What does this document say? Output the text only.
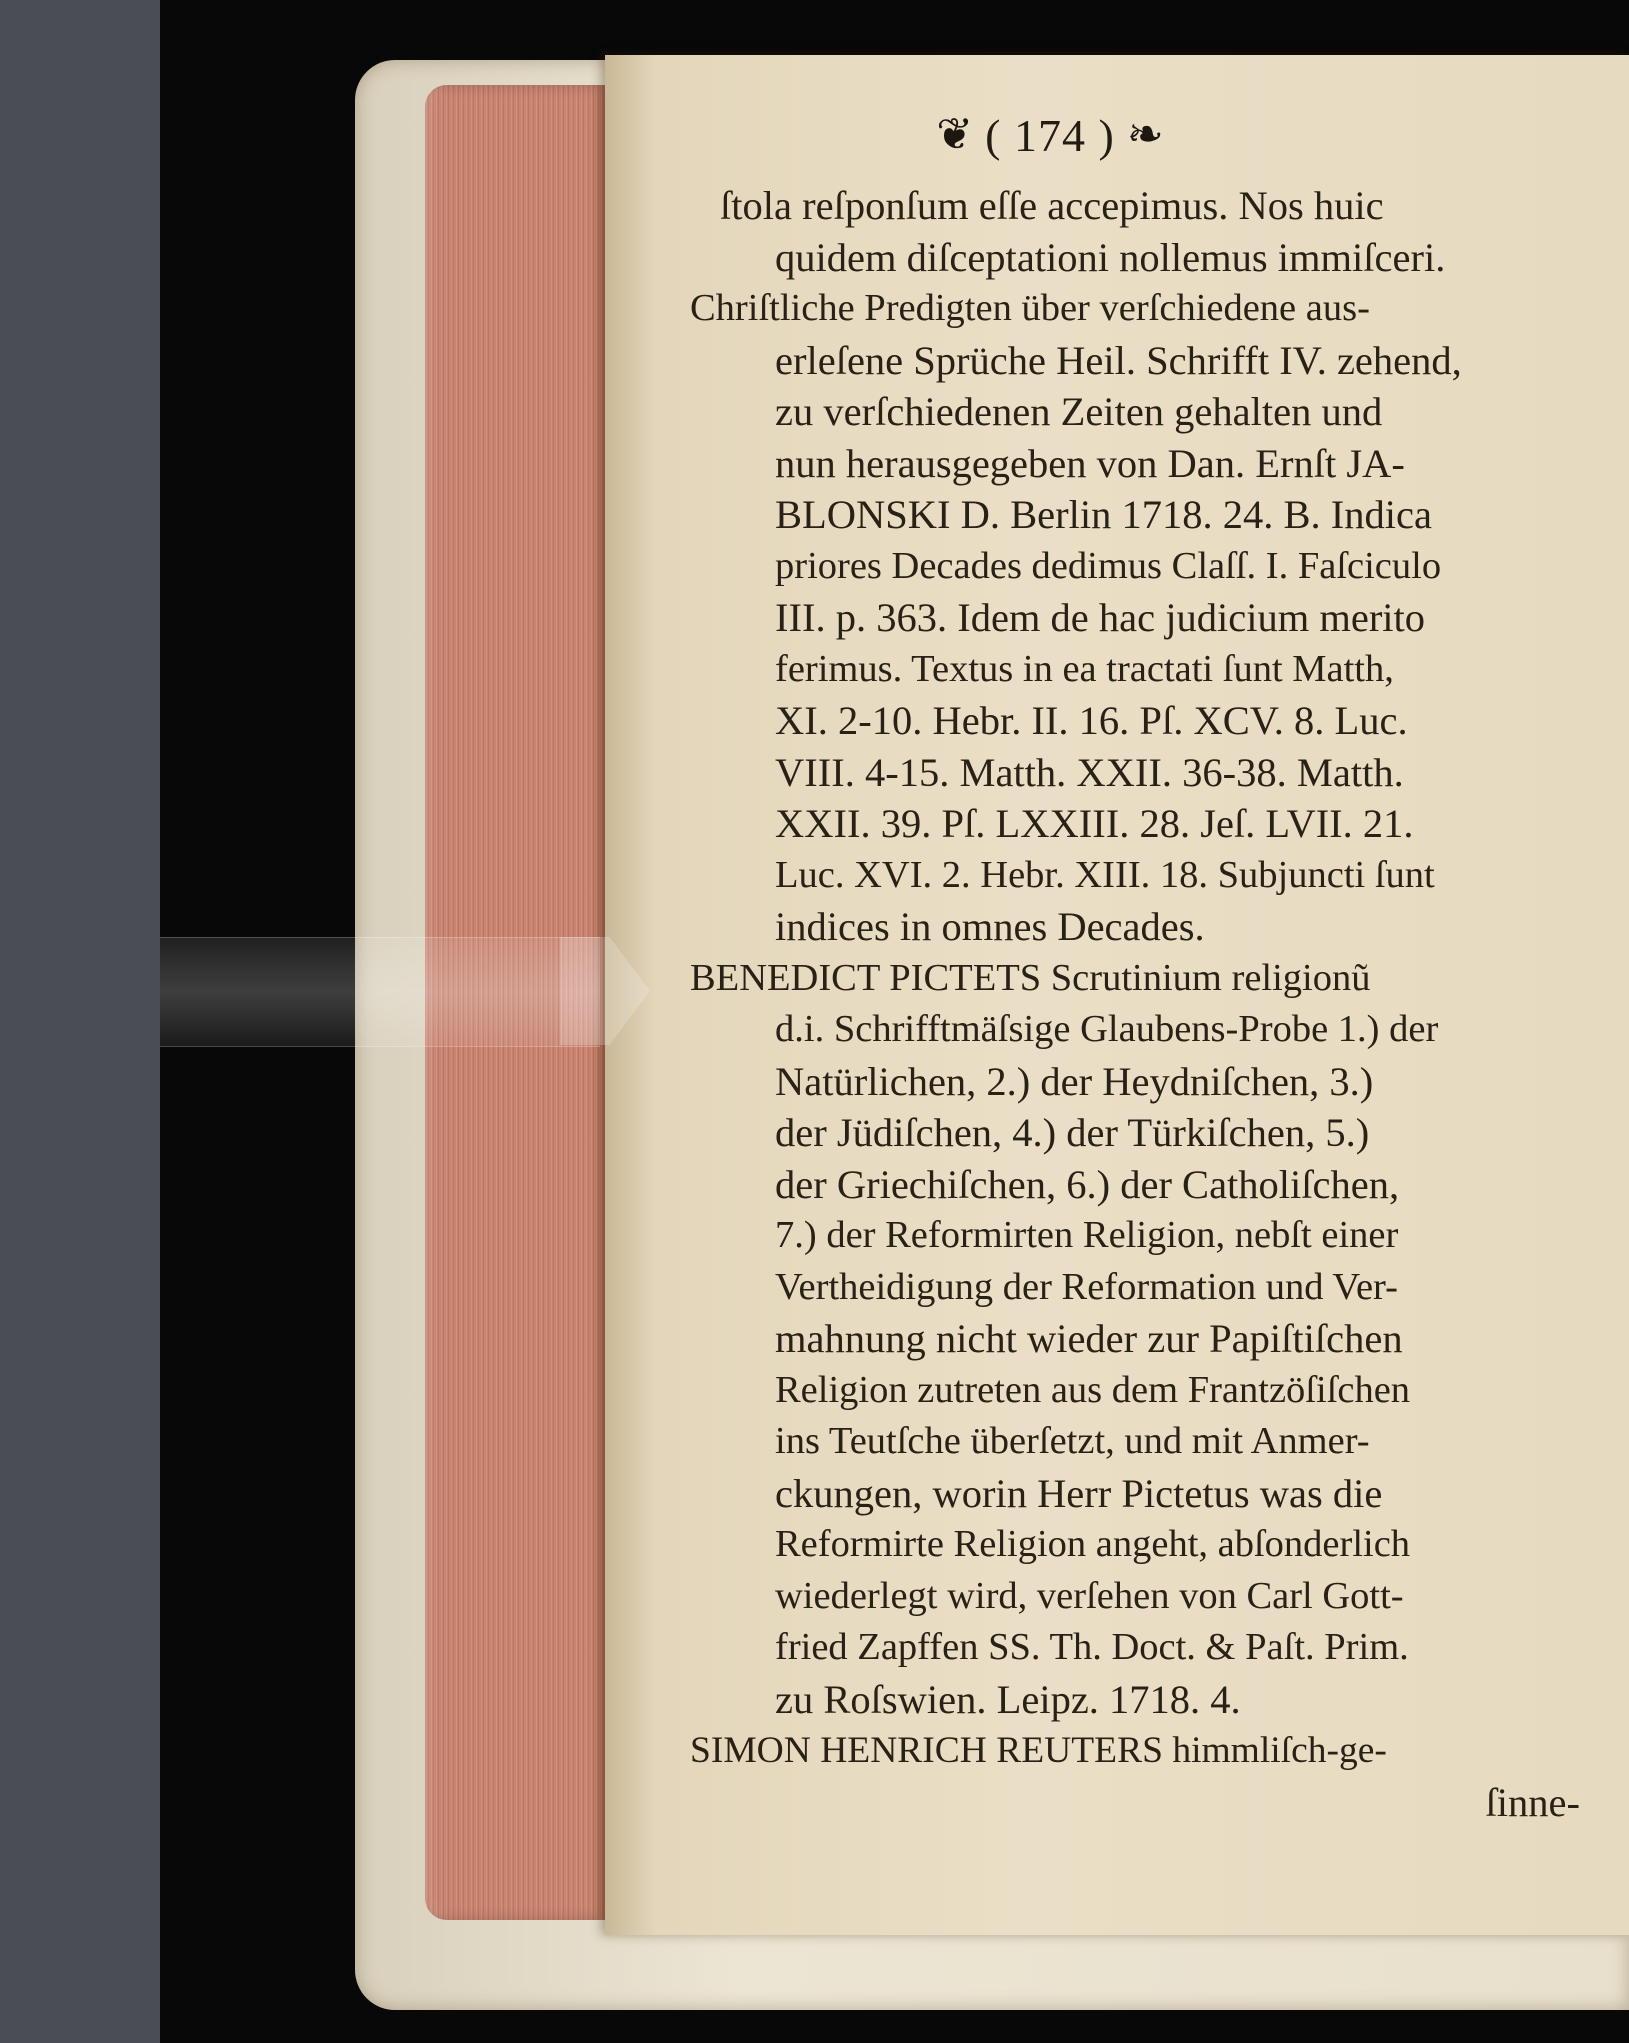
❦ ( 174 ) ❧
ſtola reſponſum eſſe accepimus. Nos huic
quidem diſceptationi nollemus immiſceri.
Chriſtliche Predigten über verſchiedene aus-
erleſene Sprüche Heil. Schrifft IV. zehend,
zu verſchiedenen Zeiten gehalten und
nun herausgegeben von Dan. Ernſt JA-
BLONSKI D. Berlin 1718. 24. B. Indica
priores Decades dedimus Claſſ. I. Faſciculo
III. p. 363. Idem de hac judicium merito
ferimus. Textus in ea tractati ſunt Matth,
XI. 2-10. Hebr. II. 16. Pſ. XCV. 8. Luc.
VIII. 4-15. Matth. XXII. 36-38. Matth.
XXII. 39. Pſ. LXXIII. 28. Jeſ. LVII. 21.
Luc. XVI. 2. Hebr. XIII. 18. Subjuncti ſunt
indices in omnes Decades.
BENEDICT PICTETS Scrutinium religionũ
d.i. Schrifftmäſsige Glaubens-Probe 1.) der
Natürlichen, 2.) der Heydniſchen, 3.)
der Jüdiſchen, 4.) der Türkiſchen, 5.)
der Griechiſchen, 6.) der Catholiſchen,
7.) der Reformirten Religion, nebſt einer
Vertheidigung der Reformation und Ver-
mahnung nicht wieder zur Papiſtiſchen
Religion zutreten aus dem Frantzöſiſchen
ins Teutſche überſetzt, und mit Anmer-
ckungen, worin Herr Pictetus was die
Reformirte Religion angeht, abſonderlich
wiederlegt wird, verſehen von Carl Gott-
fried Zapffen SS. Th. Doct. & Paſt. Prim.
zu Roſswien. Leipz. 1718. 4.
SIMON HENRICH REUTERS himmliſch-ge-
ſinne-
